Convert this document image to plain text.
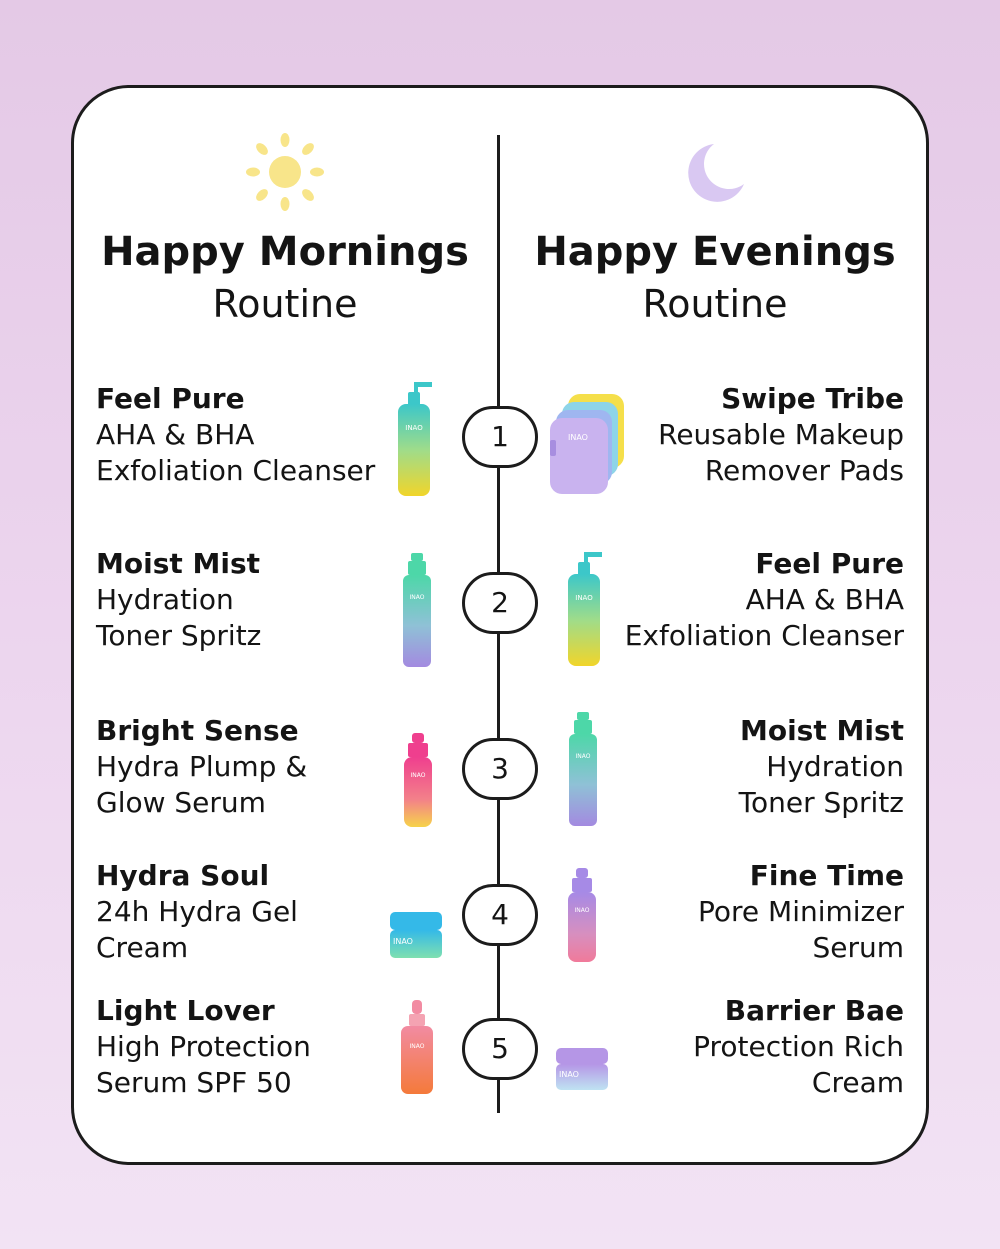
Happy Mornings
Routine
Happy Evenings
Routine
Feel Pure
AHA & BHA
Exfoliation Cleanser
Moist Mist
Hydration
Toner Spritz
Bright Sense
Hydra Plump &
Glow Serum
Hydra Soul
24h Hydra Gel
Cream
Light Lover
High Protection
Serum SPF 50
Swipe Tribe
Reusable Makeup
Remover Pads
Feel Pure
AHA & BHA
Exfoliation Cleanser
Moist Mist
Hydration
Toner Spritz
Fine Time
Pore Minimizer
Serum
Barrier Bae
Protection Rich
Cream
1
2
3
4
5
INAO
INAO
INAO
INAO
INAO
INAO
INAO
INAO
INAO
INAO
